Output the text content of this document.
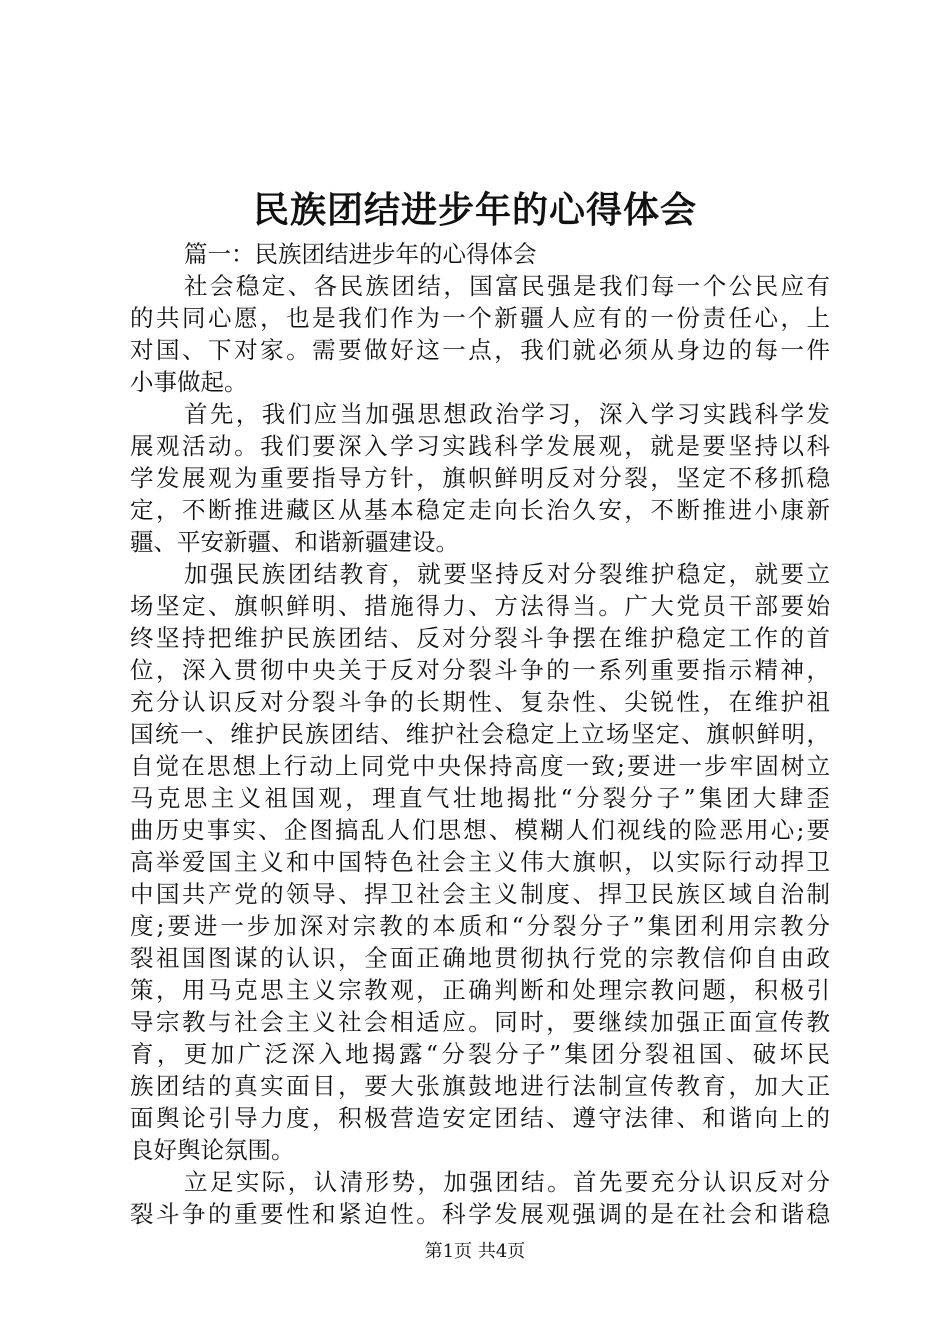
民族团结进步年的心得体会
篇一：民族团结进步年的心得体会
社会稳定、各民族团结，国富民强是我们每一个公民应有
的共同心愿，也是我们作为一个新疆人应有的一份责任心，上
对国、下对家。需要做好这一点，我们就必须从身边的每一件
小事做起。
首先，我们应当加强思想政治学习，深入学习实践科学发
展观活动。我们要深入学习实践科学发展观，就是要坚持以科
学发展观为重要指导方针，旗帜鲜明反对分裂，坚定不移抓稳
定，不断推进藏区从基本稳定走向长治久安，不断推进小康新
疆、平安新疆、和谐新疆建设。
加强民族团结教育，就要坚持反对分裂维护稳定，就要立
场坚定、旗帜鲜明、措施得力、方法得当。广大党员干部要始
终坚持把维护民族团结、反对分裂斗争摆在维护稳定工作的首
位，深入贯彻中央关于反对分裂斗争的一系列重要指示精神，
充分认识反对分裂斗争的长期性、复杂性、尖锐性，在维护祖
国统一、维护民族团结、维护社会稳定上立场坚定、旗帜鲜明，
自觉在思想上行动上同党中央保持高度一致;要进一步牢固树立
马克思主义祖国观，理直气壮地揭批“分裂分子”集团大肆歪
曲历史事实、企图搞乱人们思想、模糊人们视线的险恶用心;要
高举爱国主义和中国特色社会主义伟大旗帜，以实际行动捍卫
中国共产党的领导、捍卫社会主义制度、捍卫民族区域自治制
度;要进一步加深对宗教的本质和“分裂分子”集团利用宗教分
裂祖国图谋的认识，全面正确地贯彻执行党的宗教信仰自由政
策，用马克思主义宗教观，正确判断和处理宗教问题，积极引
导宗教与社会主义社会相适应。同时，要继续加强正面宣传教
育，更加广泛深入地揭露“分裂分子”集团分裂祖国、破坏民
族团结的真实面目，要大张旗鼓地进行法制宣传教育，加大正
面舆论引导力度，积极营造安定团结、遵守法律、和谐向上的
良好舆论氛围。
立足实际，认清形势，加强团结。首先要充分认识反对分
裂斗争的重要性和紧迫性。科学发展观强调的是在社会和谐稳
第1页 共4页
